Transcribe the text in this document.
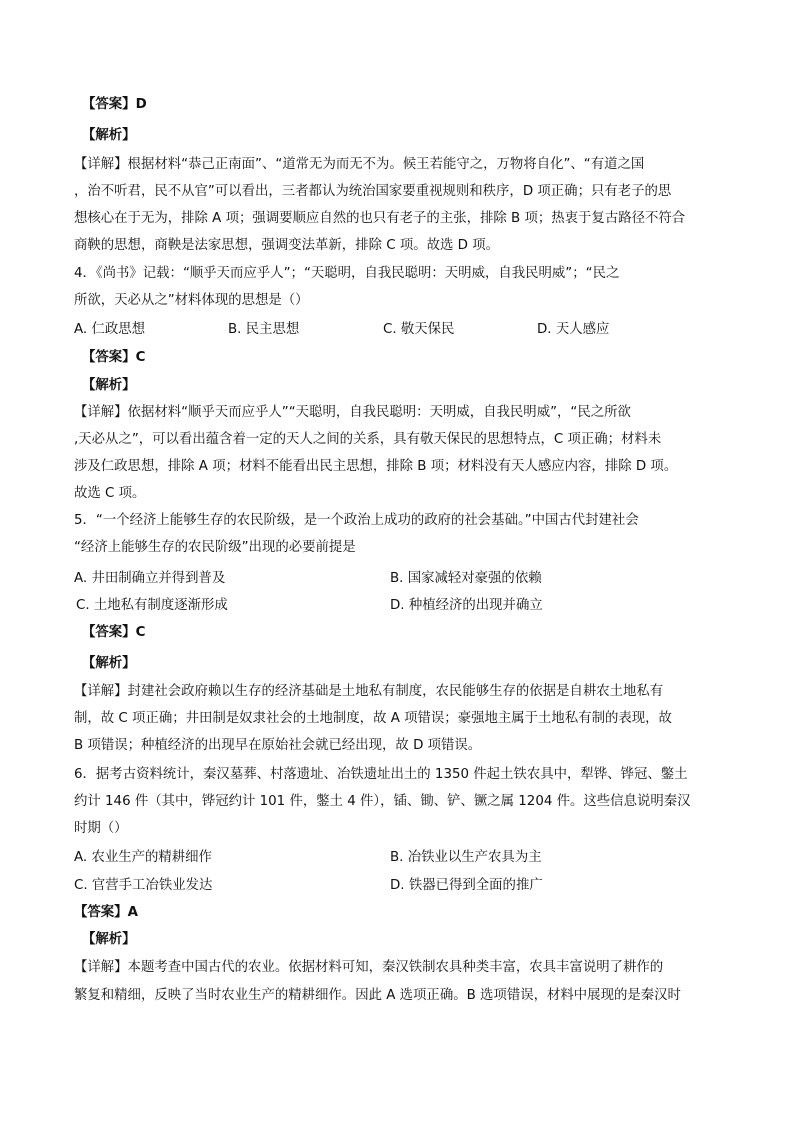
【答案】D
【解析】
【详解】根据材料“恭己正南面”、“道常无为而无不为。候王若能守之，万物将自化”、“有道之国
，治不听君，民不从官”可以看出，三者都认为统治国家要重视规则和秩序，D 项正确；只有老子的思
想核心在于无为，排除 A 项；强调要顺应自然的也只有老子的主张，排除 B 项；热衷于复古路径不符合
商鞅的思想，商鞅是法家思想，强调变法革新，排除 C 项。故选 D 项。
4．《尚书》记载：“顺乎天而应乎人”；“天聪明，自我民聪明：天明威，自我民明威”；“民之
所欲，天必从之”材料体现的思想是（）
A. 仁政思想	B. 民主思想	C. 敬天保民	D. 天人感应
【答案】C
【解析】
【详解】依据材料“顺乎天而应乎人”“天聪明，自我民聪明：天明威，自我民明威”，“民之所欲
,天必从之”，可以看出蕴含着一定的天人之间的关系，具有敬天保民的思想特点，C 项正确；材料未
涉及仁政思想，排除 A 项；材料不能看出民主思想，排除 B 项；材料没有天人感应内容，排除 D 项。
故选 C 项。
5．“一个经济上能够生存的农民阶级，是一个政治上成功的政府的社会基础。”中国古代封建社会
“经济上能够生存的农民阶级”出现的必要前提是
A. 井田制确立并得到普及	B. 国家减轻对豪强的依赖
C. 土地私有制度逐渐形成	D. 种植经济的出现并确立
【答案】C
【解析】
【详解】封建社会政府赖以生存的经济基础是土地私有制度，农民能够生存的依据是自耕农土地私有
制，故 C 项正确；井田制是奴隶社会的土地制度，故 A 项错误；豪强地主属于土地私有制的表现，故
B 项错误；种植经济的出现早在原始社会就已经出现，故 D 项错误。
6．据考古资料统计，秦汉墓葬、村落遗址、冶铁遗址出土的 1350 件起土铁农具中，犁铧、铧冠、鐅土
约计 146 件（其中，铧冠约计 101 件，鐅土 4 件），锸、锄、铲、镢之属 1204 件。这些信息说明秦汉
时期（）
A. 农业生产的精耕细作	B. 冶铁业以生产农具为主
C. 官营手工冶铁业发达	D. 铁器已得到全面的推广
【答案】A
【解析】
【详解】本题考查中国古代的农业。依据材料可知，秦汉铁制农具种类丰富，农具丰富说明了耕作的
繁复和精细，反映了当时农业生产的精耕细作。因此 A 选项正确。B 选项错误，材料中展现的是秦汉时
